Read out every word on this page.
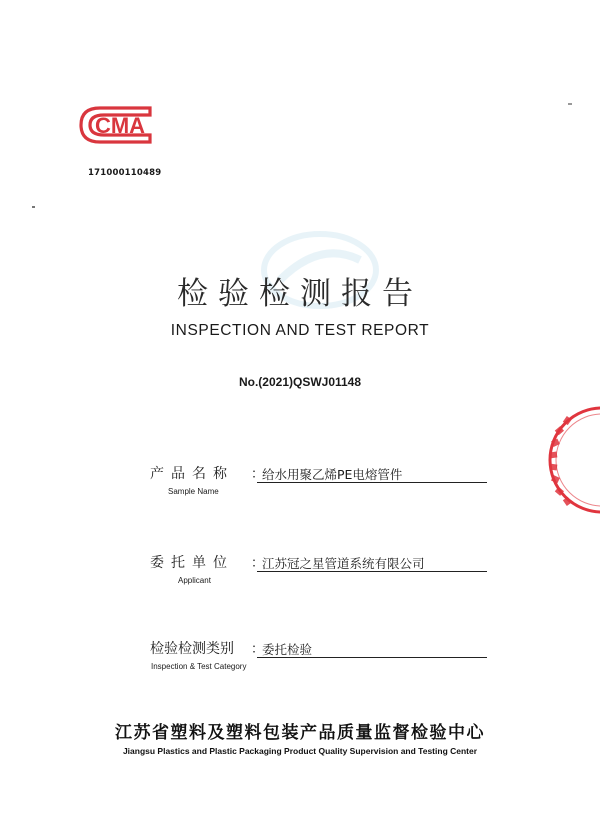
CMA
171000110489
检验检测报告
INSPECTION AND TEST REPORT
No.(2021)QSWJ01148
产品名称	：
给水用聚乙烯PE电熔管件
Sample Name
委托单位	：
江苏冠之星管道系统有限公司
Applicant
检验检测类别	：
委托检验
Inspection & Test Category
江苏省塑料及塑料包装产品质量监督检验中心
Jiangsu Plastics and Plastic Packaging Product Quality Supervision and Testing Center
